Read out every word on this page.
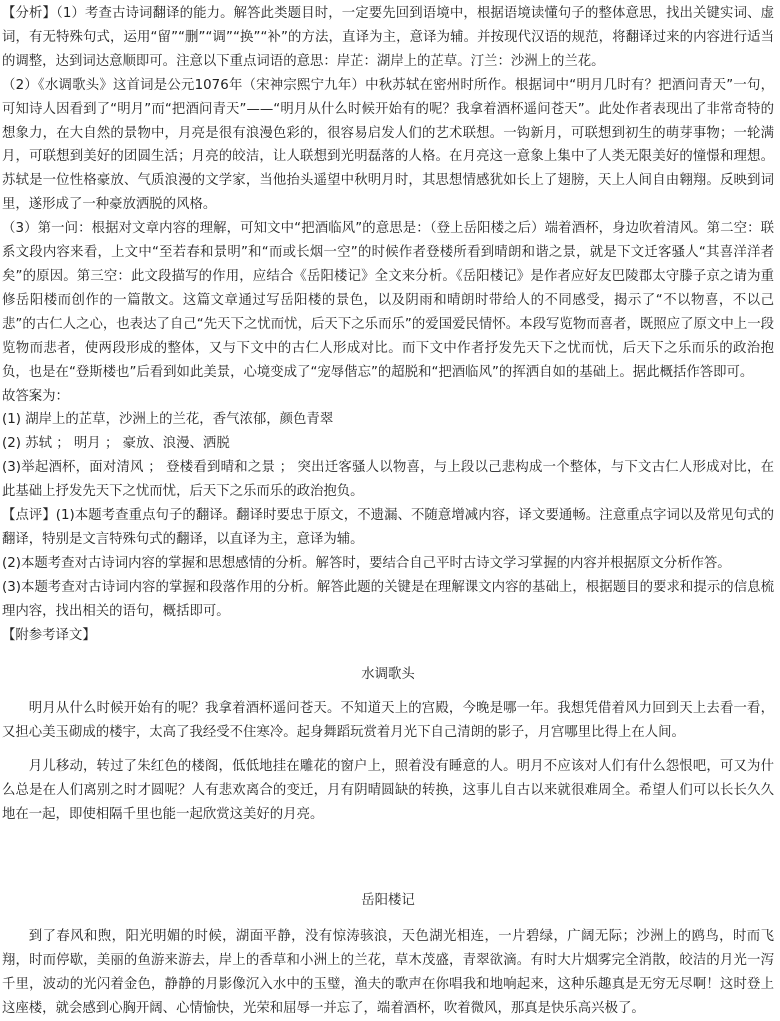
【分析】（1）考查古诗词翻译的能力。解答此类题目时，一定要先回到语境中，根据语境读懂句子的整体意思，找出关键实词、虚词，有无特殊句式，运用“留”“删”“调”“换”“补”的方法，直译为主，意译为辅。并按现代汉语的规范，将翻译过来的内容进行适当的调整，达到词达意顺即可。注意以下重点词语的意思：岸芷：湖岸上的芷草。汀兰：沙洲上的兰花。

（2）《水调歌头》这首词是公元1076年（宋神宗熙宁九年）中秋苏轼在密州时所作。根据词中“明月几时有？把酒问青天”一句，可知诗人因看到了“明月”而“把酒问青天”——“明月从什么时候开始有的呢？我拿着酒杯遥问苍天”。此处作者表现出了非常奇特的想象力，在大自然的景物中，月亮是很有浪漫色彩的，很容易启发人们的艺术联想。一钩新月，可联想到初生的萌芽事物；一轮满月，可联想到美好的团圆生活；月亮的皎洁，让人联想到光明磊落的人格。在月亮这一意象上集中了人类无限美好的憧憬和理想。苏轼是一位性格豪放、气质浪漫的文学家，当他抬头遥望中秋明月时，其思想情感犹如长上了翅膀，天上人间自由翱翔。反映到词里，遂形成了一种豪放洒脱的风格。

（3）第一问：根据对文章内容的理解，可知文中“把酒临风”的意思是：（登上岳阳楼之后）端着酒杯，身边吹着清风。第二空：联系文段内容来看，上文中“至若春和景明”和“而或长烟一空”的时候作者登楼所看到晴朗和谐之景，就是下文迁客骚人“其喜洋洋者矣”的原因。第三空：此文段描写的作用，应结合《岳阳楼记》全文来分析。《岳阳楼记》是作者应好友巴陵郡太守滕子京之请为重修岳阳楼而创作的一篇散文。这篇文章通过写岳阳楼的景色，以及阴雨和晴朗时带给人的不同感受，揭示了“不以物喜，不以己悲”的古仁人之心，也表达了自己“先天下之忧而忧，后天下之乐而乐”的爱国爱民情怀。本段写览物而喜者，既照应了原文中上一段览物而悲者，使两段形成的整体，又与下文中的古仁人形成对比。而下文中作者抒发先天下之忧而忧，后天下之乐而乐的政治抱负，也是在“登斯楼也”后看到如此美景，心境变成了“宠辱偕忘”的超脱和“把酒临风”的挥洒自如的基础上。据此概括作答即可。

故答案为：

(1) 湖岸上的芷草，沙洲上的兰花，香气浓郁，颜色青翠

(2) 苏轼 ； 明月 ； 豪放、浪漫、洒脱

(3)举起酒杯，面对清风 ； 登楼看到晴和之景 ； 突出迁客骚人以物喜，与上段以己悲构成一个整体，与下文古仁人形成对比，在此基础上抒发先天下之忧而忧，后天下之乐而乐的政治抱负。

【点评】(1)本题考查重点句子的翻译。翻译时要忠于原文，不遗漏、不随意增减内容，译文要通畅。注意重点字词以及常见句式的翻译，特别是文言特殊句式的翻译，以直译为主，意译为辅。

(2)本题考查对古诗词内容的掌握和思想感情的分析。解答时，要结合自己平时古诗文学习掌握的内容并根据原文分析作答。

(3)本题考查对古诗词内容的掌握和段落作用的分析。解答此题的关键是在理解课文内容的基础上，根据题目的要求和提示的信息梳理内容，找出相关的语句，概括即可。

【附参考译文】

水调歌头

明月从什么时候开始有的呢？我拿着酒杯遥问苍天。不知道天上的宫殿，今晚是哪一年。我想凭借着风力回到天上去看一看，又担心美玉砌成的楼宇，太高了我经受不住寒冷。起身舞蹈玩赏着月光下自己清朗的影子，月宫哪里比得上在人间。

月儿移动，转过了朱红色的楼阁，低低地挂在雕花的窗户上，照着没有睡意的人。明月不应该对人们有什么怨恨吧，可又为什么总是在人们离别之时才圆呢？人有悲欢离合的变迁，月有阴晴圆缺的转换，这事儿自古以来就很难周全。希望人们可以长长久久地在一起，即使相隔千里也能一起欣赏这美好的月亮。

岳阳楼记

到了春风和煦，阳光明媚的时候，湖面平静，没有惊涛骇浪，天色湖光相连，一片碧绿，广阔无际；沙洲上的鸥鸟，时而飞翔，时而停歇，美丽的鱼游来游去，岸上的香草和小洲上的兰花，草木茂盛，青翠欲滴。有时大片烟雾完全消散，皎洁的月光一泻千里，波动的光闪着金色，静静的月影像沉入水中的玉璧，渔夫的歌声在你唱我和地响起来，这种乐趣真是无穷无尽啊！这时登上这座楼，就会感到心胸开阔、心情愉快，光荣和屈辱一并忘了，端着酒杯，吹着微风，那真是快乐高兴极了。
